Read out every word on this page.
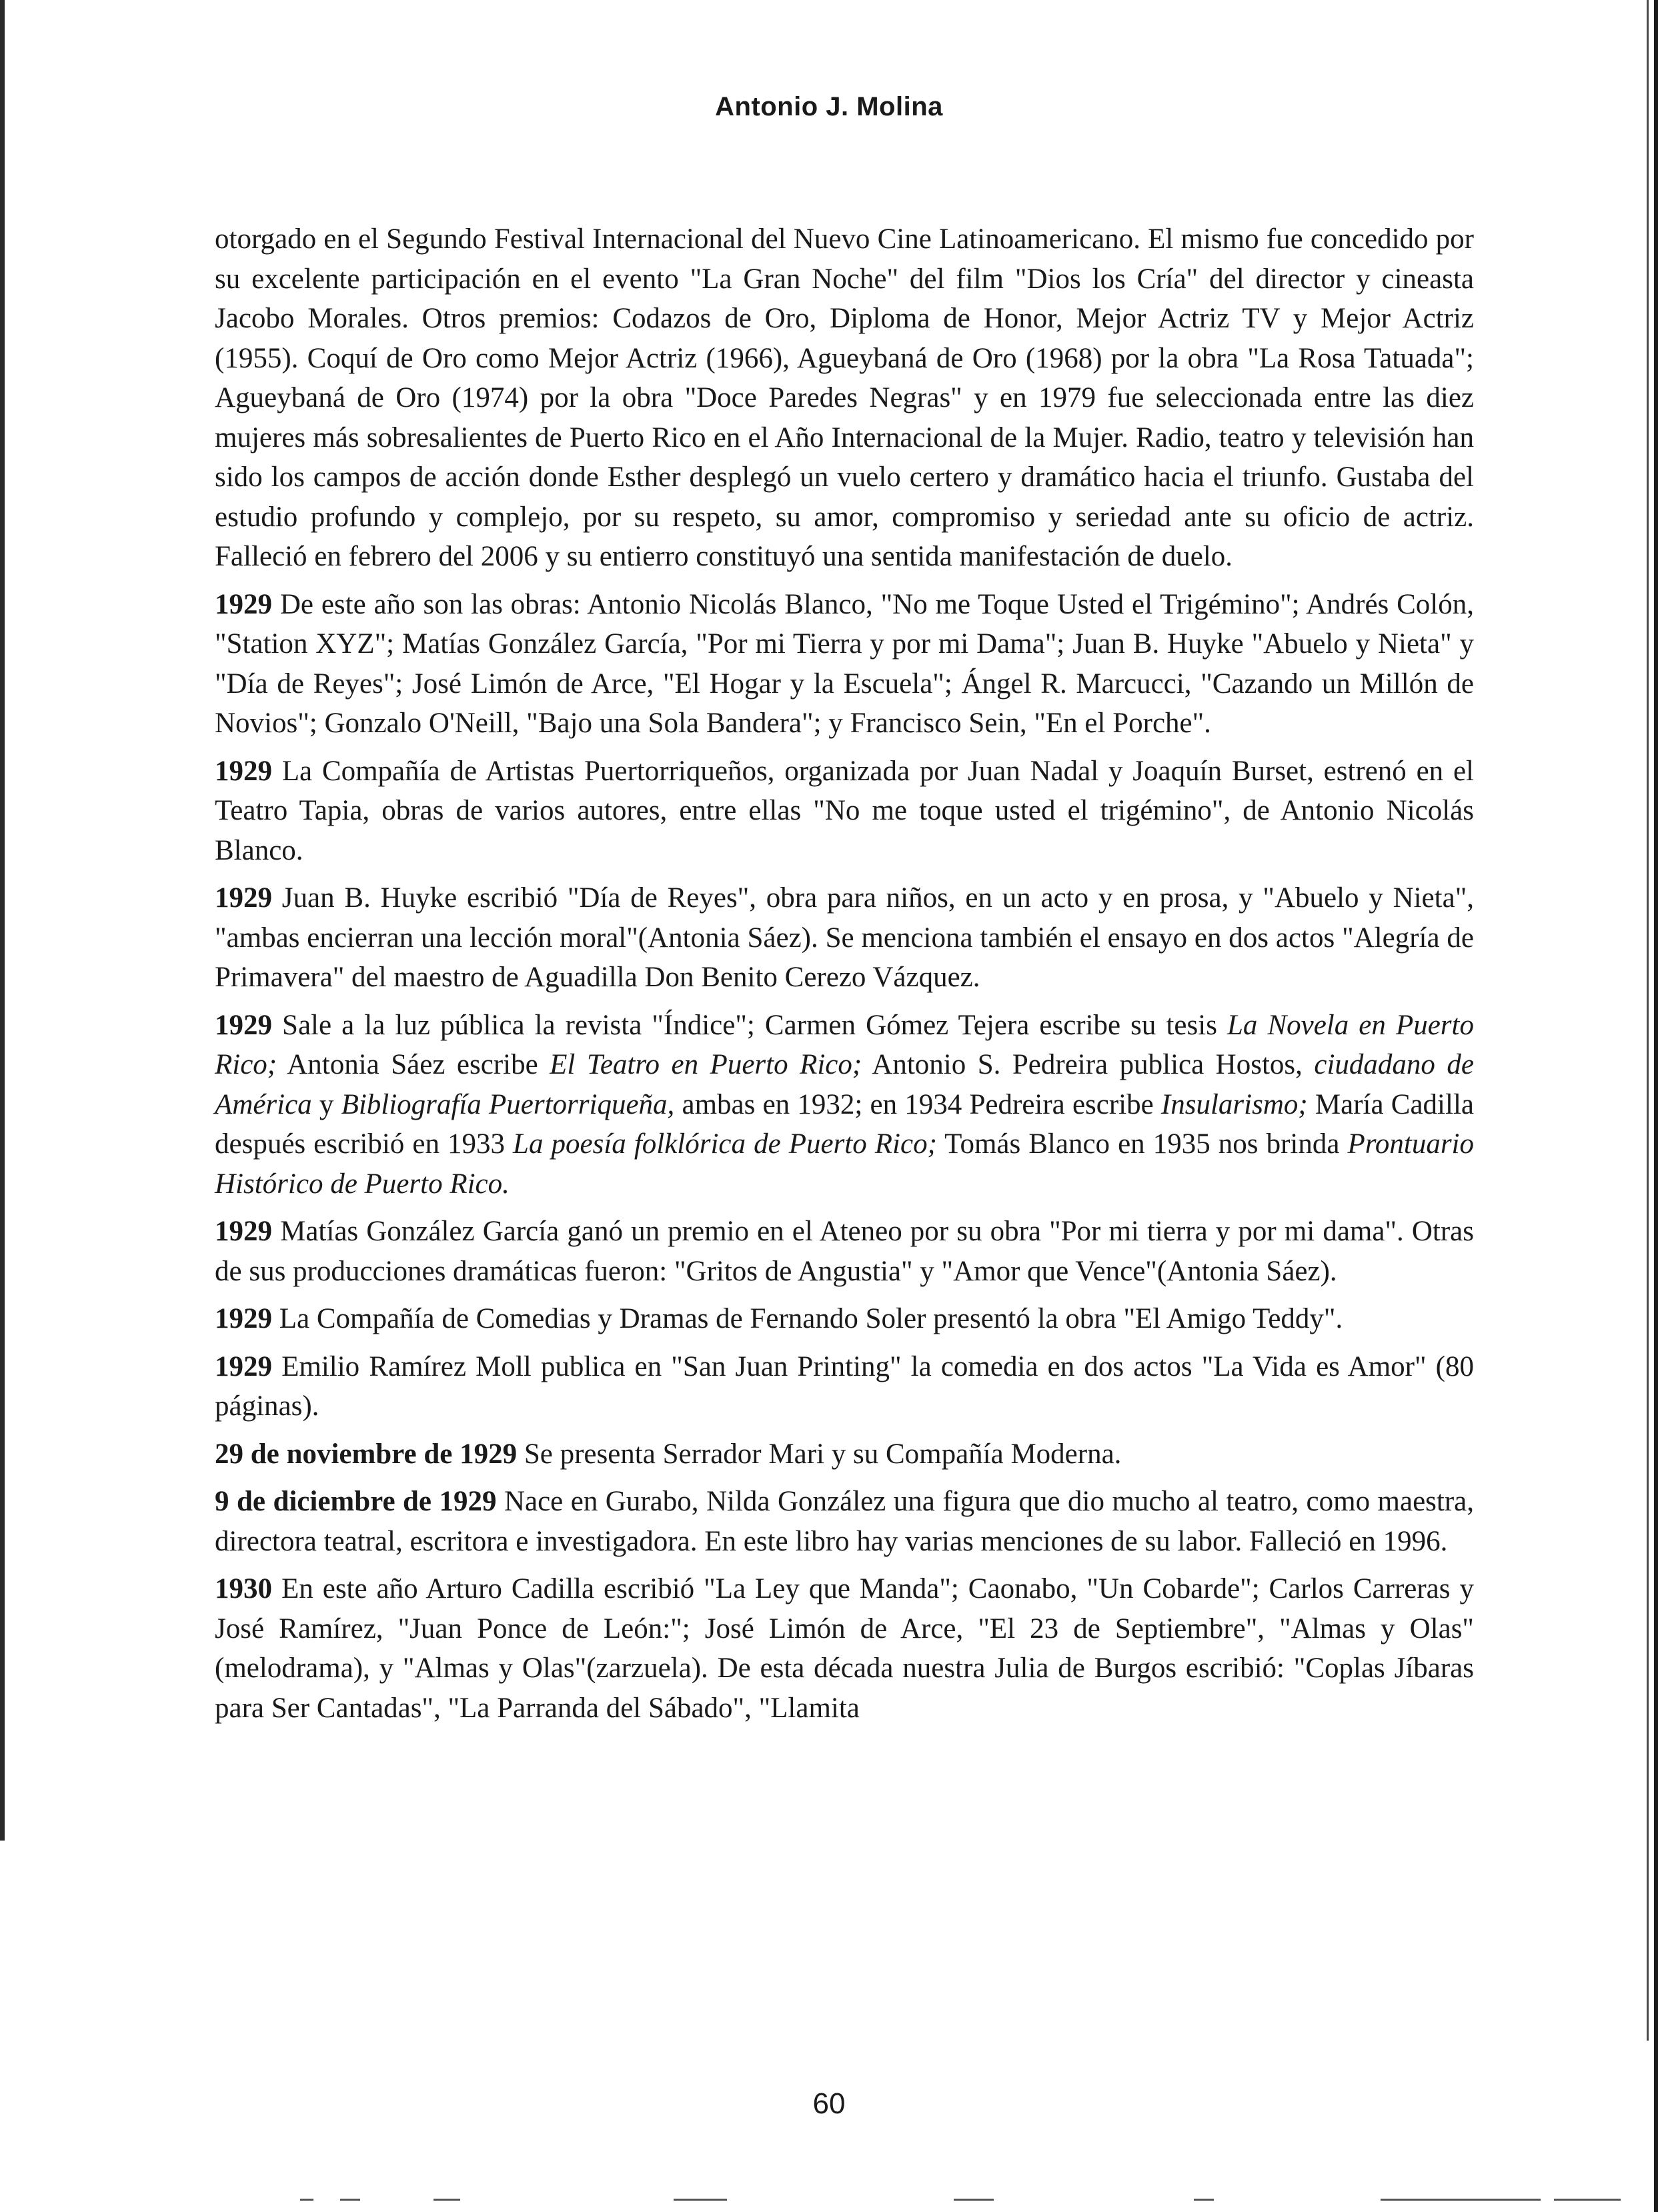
Antonio J. Molina

otorgado en el Segundo Festival Internacional del Nuevo Cine Latinoamericano. El mismo fue concedido por su excelente participación en el evento "La Gran Noche" del film "Dios los Cría" del director y cineasta Jacobo Morales. Otros premios: Codazos de Oro, Diploma de Honor, Mejor Actriz TV y Mejor Actriz (1955). Coquí de Oro como Mejor Actriz (1966), Agueybaná de Oro (1968) por la obra "La Rosa Tatuada"; Agueybaná de Oro (1974) por la obra "Doce Paredes Negras" y en 1979 fue seleccionada entre las diez mujeres más sobresalientes de Puerto Rico en el Año Internacional de la Mujer. Radio, teatro y televisión han sido los campos de acción donde Esther desplegó un vuelo certero y dramático hacia el triunfo. Gustaba del estudio profundo y complejo, por su respeto, su amor, compromiso y seriedad ante su oficio de actriz. Falleció en febrero del 2006 y su entierro constituyó una sentida manifestación de duelo.

1929 De este año son las obras: Antonio Nicolás Blanco, "No me Toque Usted el Trigémino"; Andrés Colón, "Station XYZ"; Matías González García, "Por mi Tierra y por mi Dama"; Juan B. Huyke "Abuelo y Nieta" y "Día de Reyes"; José Limón de Arce, "El Hogar y la Escuela"; Ángel R. Marcucci, "Cazando un Millón de Novios"; Gonzalo O'Neill, "Bajo una Sola Bandera"; y Francisco Sein, "En el Porche".

1929 La Compañía de Artistas Puertorriqueños, organizada por Juan Nadal y Joaquín Burset, estrenó en el Teatro Tapia, obras de varios autores, entre ellas "No me toque usted el trigémino", de Antonio Nicolás Blanco.

1929 Juan B. Huyke escribió "Día de Reyes", obra para niños, en un acto y en prosa, y "Abuelo y Nieta", "ambas encierran una lección moral"(Antonia Sáez). Se menciona también el ensayo en dos actos "Alegría de Primavera" del maestro de Aguadilla Don Benito Cerezo Vázquez.

1929 Sale a la luz pública la revista "Índice"; Carmen Gómez Tejera escribe su tesis La Novela en Puerto Rico; Antonia Sáez escribe El Teatro en Puerto Rico; Antonio S. Pedreira publica Hostos, ciudadano de América y Bibliografía Puertorriqueña, ambas en 1932; en 1934 Pedreira escribe Insularismo; María Cadilla después escribió en 1933 La poesía folklórica de Puerto Rico; Tomás Blanco en 1935 nos brinda Prontuario Histórico de Puerto Rico.

1929 Matías González García ganó un premio en el Ateneo por su obra "Por mi tierra y por mi dama". Otras de sus producciones dramáticas fueron: "Gritos de Angustia" y "Amor que Vence"(Antonia Sáez).

1929 La Compañía de Comedias y Dramas de Fernando Soler presentó la obra "El Amigo Teddy".

1929 Emilio Ramírez Moll publica en "San Juan Printing" la comedia en dos actos "La Vida es Amor" (80 páginas).

29 de noviembre de 1929 Se presenta Serrador Mari y su Compañía Moderna.

9 de diciembre de 1929 Nace en Gurabo, Nilda González una figura que dio mucho al teatro, como maestra, directora teatral, escritora e investigadora. En este libro hay varias menciones de su labor. Falleció en 1996.

1930 En este año Arturo Cadilla escribió "La Ley que Manda"; Caonabo, "Un Cobarde"; Carlos Carreras y José Ramírez, "Juan Ponce de León:"; José Limón de Arce, "El 23 de Septiembre", "Almas y Olas"(melodrama), y "Almas y Olas"(zarzuela). De esta década nuestra Julia de Burgos escribió: "Coplas Jíbaras para Ser Cantadas", "La Parranda del Sábado", "Llamita

60
